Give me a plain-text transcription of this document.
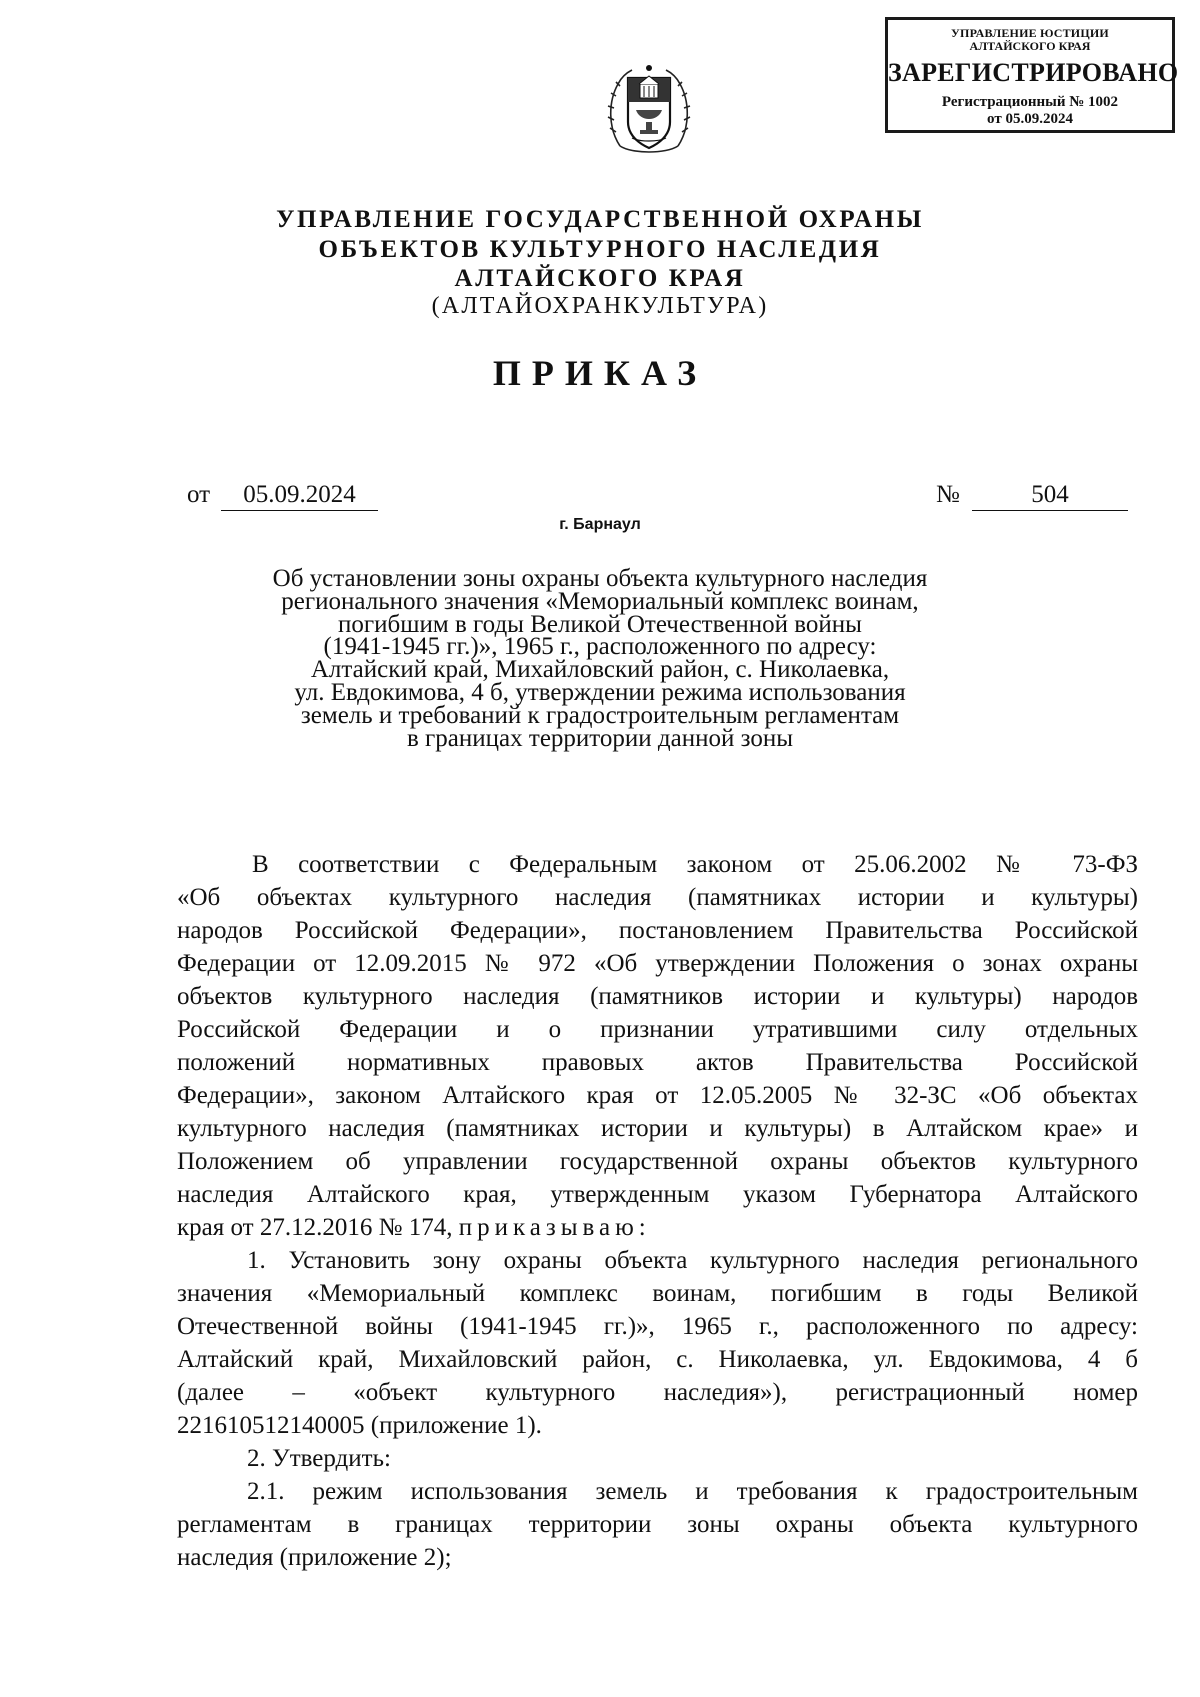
УПРАВЛЕНИЕ ЮСТИЦИИ
АЛТАЙСКОГО КРАЯ
ЗАРЕГИСТРИРОВАНО
Регистрационный № 1002
от 05.09.2024
УПРАВЛЕНИЕ ГОСУДАРСТВЕННОЙ ОХРАНЫ
ОБЪЕКТОВ КУЛЬТУРНОГО НАСЛЕДИЯ
АЛТАЙСКОГО КРАЯ
(АЛТАЙОХРАНКУЛЬТУРА)
ПРИКАЗ
от	05.09.2024	№	504
г. Барнаул
Об установлении зоны охраны объекта культурного наследия
регионального значения «Мемориальный комплекс воинам,
погибшим в годы Великой Отечественной войны
(1941-1945 гг.)», 1965 г., расположенного по адресу:
Алтайский край, Михайловский район, с. Николаевка,
ул. Евдокимова, 4 б, утверждении режима использования
земель и требований к градостроительным регламентам
в границах территории данной зоны
В соответствии с Федеральным законом от 25.06.2002 № 73-ФЗ
«Об объектах культурного наследия (памятниках истории и культуры)
народов Российской Федерации», постановлением Правительства Российской
Федерации от 12.09.2015 № 972 «Об утверждении Положения о зонах охраны
объектов культурного наследия (памятников истории и культуры) народов
Российской Федерации и о признании утратившими силу отдельных
положений нормативных правовых актов Правительства Российской
Федерации», законом Алтайского края от 12.05.2005 № 32-ЗС «Об объектах
культурного наследия (памятниках истории и культуры) в Алтайском крае» и
Положением об управлении государственной охраны объектов культурного
наследия Алтайского края, утвержденным указом Губернатора Алтайского
края от 27.12.2016 № 174, приказываю:
1. Установить зону охраны объекта культурного наследия регионального
значения «Мемориальный комплекс воинам, погибшим в годы Великой
Отечественной войны (1941-1945 гг.)», 1965 г., расположенного по адресу:
Алтайский край, Михайловский район, с. Николаевка, ул. Евдокимова, 4 б
(далее – «объект культурного наследия»), регистрационный номер
221610512140005 (приложение 1).
2. Утвердить:
2.1. режим использования земель и требования к градостроительным
регламентам в границах территории зоны охраны объекта культурного
наследия (приложение 2);
